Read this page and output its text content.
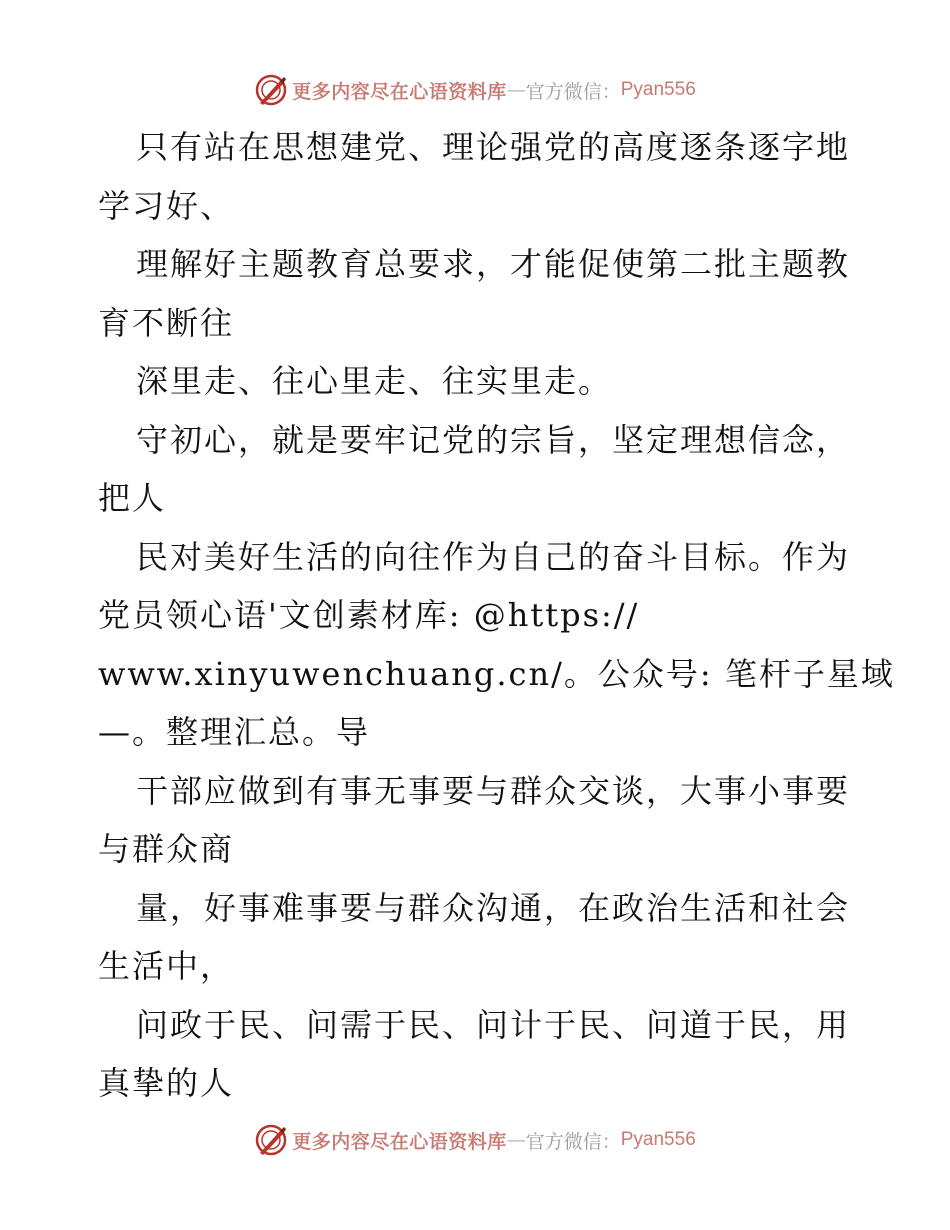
更多内容尽在心语资料库 — 官方微信： Pyan556
只有站在思想建党、理论强党的高度逐条逐字地
学习好、
理解好主题教育总要求，才能促使第二批主题教
育不断往
深里走、往心里走、往实里走。
守初心，就是要牢记党的宗旨，坚定理想信念，
把人
民对美好生活的向往作为自己的奋斗目标。作为
党员领心语'文创素材库: @https://
www.xinyuwenchuang.cn/。公众号: 笔杆子星域
—。整理汇总。导
干部应做到有事无事要与群众交谈，大事小事要
与群众商
量，好事难事要与群众沟通，在政治生活和社会
生活中，
问政于民、问需于民、问计于民、问道于民，用
真挚的人
更多内容尽在心语资料库 — 官方微信： Pyan556
